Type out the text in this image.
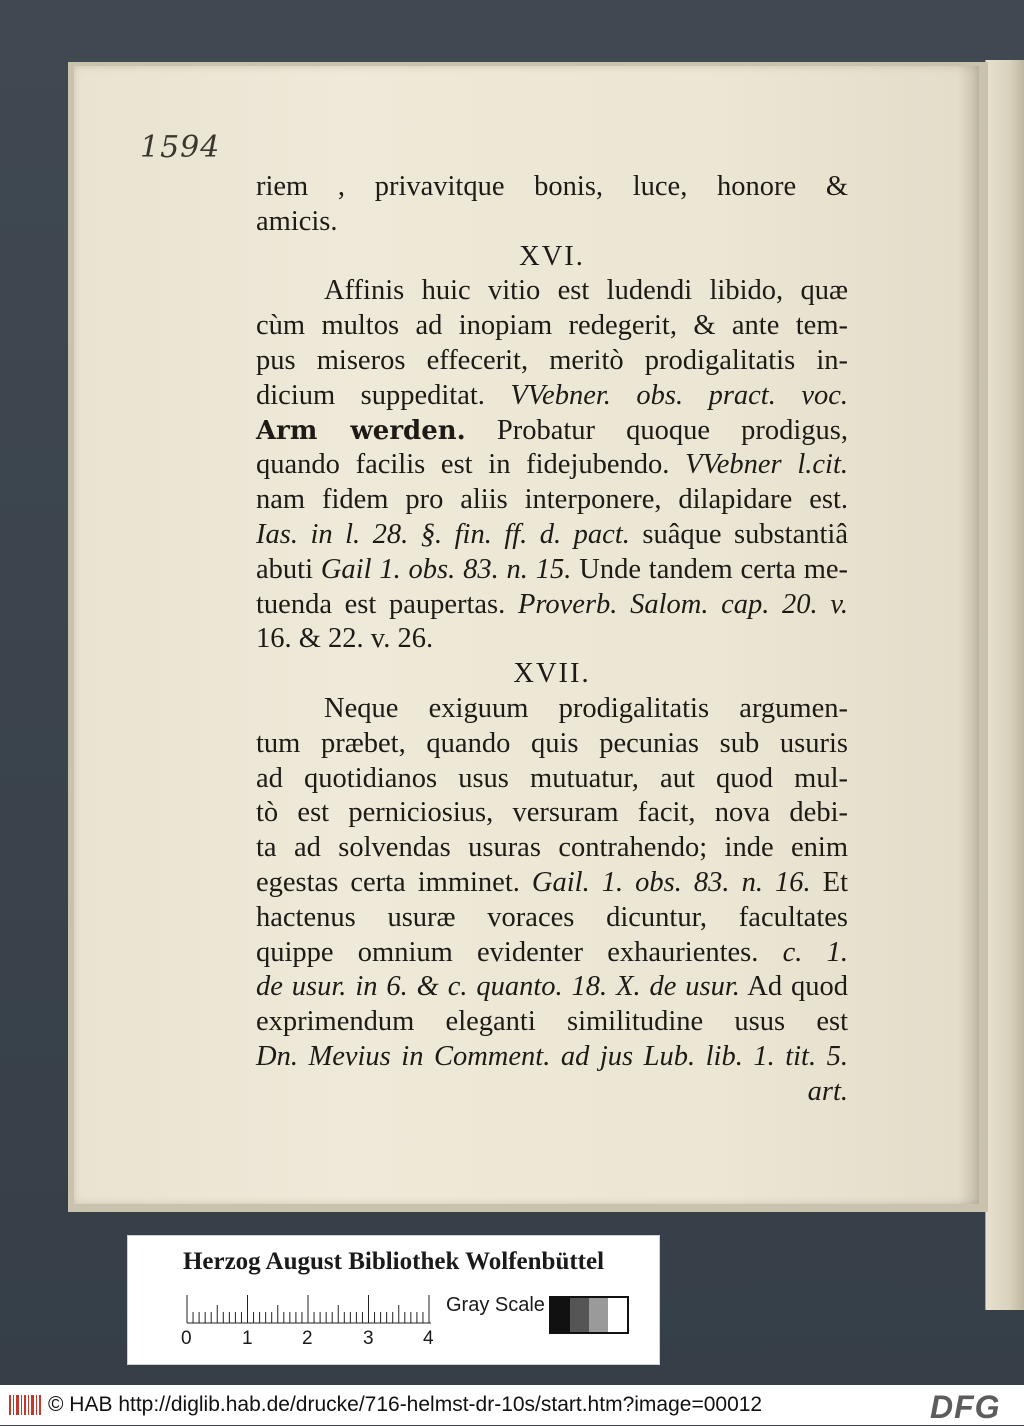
1594
riem , privavitque bonis, luce, honore &
amicis.
XVI.
Affinis huic vitio est ludendi libido, quæ
cùm multos ad inopiam redegerit, & ante tem-
pus miseros effecerit, meritò prodigalitatis in-
dicium suppeditat. VVebner. obs. pract. voc.
Arm werden. Probatur quoque prodigus,
quando facilis est in fidejubendo. VVebner l.cit.
nam fidem pro aliis interponere, dilapidare est.
Ias. in l. 28. §. fin. ff. d. pact. suâque substantiâ
abuti Gail 1. obs. 83. n. 15. Unde tandem certa me-
tuenda est paupertas. Proverb. Salom. cap. 20. v.
16. & 22. v. 26.
XVII.
Neque exiguum prodigalitatis argumen-
tum præbet, quando quis pecunias sub usuris
ad quotidianos usus mutuatur, aut quod mul-
tò est perniciosius, versuram facit, nova debi-
ta ad solvendas usuras contrahendo; inde enim
egestas certa imminet. Gail. 1. obs. 83. n. 16. Et
hactenus usuræ voraces dicuntur, facultates
quippe omnium evidenter exhaurientes. c. 1.
de usur. in 6. & c. quanto. 18. X. de usur. Ad quod
exprimendum eleganti similitudine usus est
Dn. Mevius in Comment. ad jus Lub. lib. 1. tit. 5.
art.
Herzog August Bibliothek Wolfenbüttel
0	1	2	3	4
Gray Scale
© HAB http://diglib.hab.de/drucke/716-helmst-dr-10s/start.htm?image=00012	DFG
